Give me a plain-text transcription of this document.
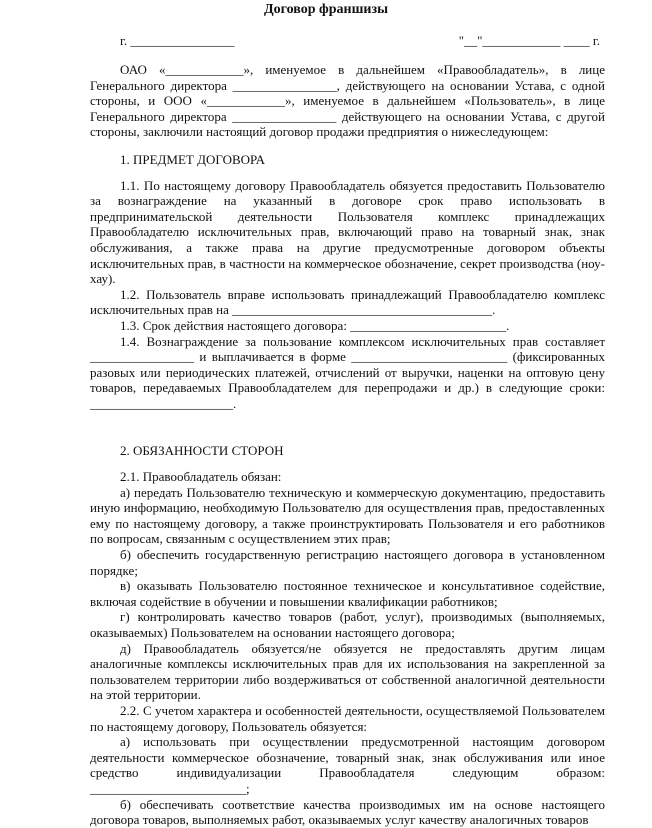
Договор франшизы
г. ________________	"__"____________ ____ г.

ОАО «____________», именуемое в дальнейшем «Правообладатель», в лице Генерального директора ________________, действующего на основании Устава, с одной стороны, и ООО «____________», именуемое в дальнейшем «Пользователь», в лице Генерального директора ________________ действующего на основании Устава, с другой стороны, заключили настоящий договор продажи предприятия о нижеследующем:

1. ПРЕДМЕТ ДОГОВОРА

1.1. По настоящему договору Правообладатель обязуется предоставить Пользователю за вознаграждение на указанный в договоре срок право использовать в предпринимательской деятельности Пользователя комплекс принадлежащих Правообладателю исключительных прав, включающий право на товарный знак, знак обслуживания, а также права на другие предусмотренные договором объекты исключительных прав, в частности на коммерческое обозначение, секрет производства (ноу-хау).

1.2. Пользователь вправе использовать принадлежащий Правообладателю комплекс исключительных прав на ________________________________________.

1.3. Срок действия настоящего договора: ________________________.

1.4. Вознаграждение за пользование комплексом исключительных прав составляет ________________ и выплачивается в форме ________________________ (фиксированных разовых или периодических платежей, отчислений от выручки, наценки на оптовую цену товаров, передаваемых Правообладателем для перепродажи и др.) в следующие сроки: ______________________.

2. ОБЯЗАННОСТИ СТОРОН

2.1. Правообладатель обязан:

а) передать Пользователю техническую и коммерческую документацию, предоставить иную информацию, необходимую Пользователю для осуществления прав, предоставленных ему по настоящему договору, а также проинструктировать Пользователя и его работников по вопросам, связанным с осуществлением этих прав;

б) обеспечить государственную регистрацию настоящего договора в установленном порядке;

в) оказывать Пользователю постоянное техническое и консультативное содействие, включая содействие в обучении и повышении квалификации работников;

г) контролировать качество товаров (работ, услуг), производимых (выполняемых, оказываемых) Пользователем на основании настоящего договора;

д) Правообладатель обязуется/не обязуется не предоставлять другим лицам аналогичные комплексы исключительных прав для их использования на закрепленной за пользователем территории либо воздерживаться от собственной аналогичной деятельности на этой территории.

2.2. С учетом характера и особенностей деятельности, осуществляемой Пользователем по настоящему договору, Пользователь обязуется:

а) использовать при осуществлении предусмотренной настоящим договором деятельности коммерческое обозначение, товарный знак, знак обслуживания или иное средство индивидуализации Правообладателя следующим образом: ________________________;

б) обеспечивать соответствие качества производимых им на основе настоящего договора товаров, выполняемых работ, оказываемых услуг качеству аналогичных товаров
